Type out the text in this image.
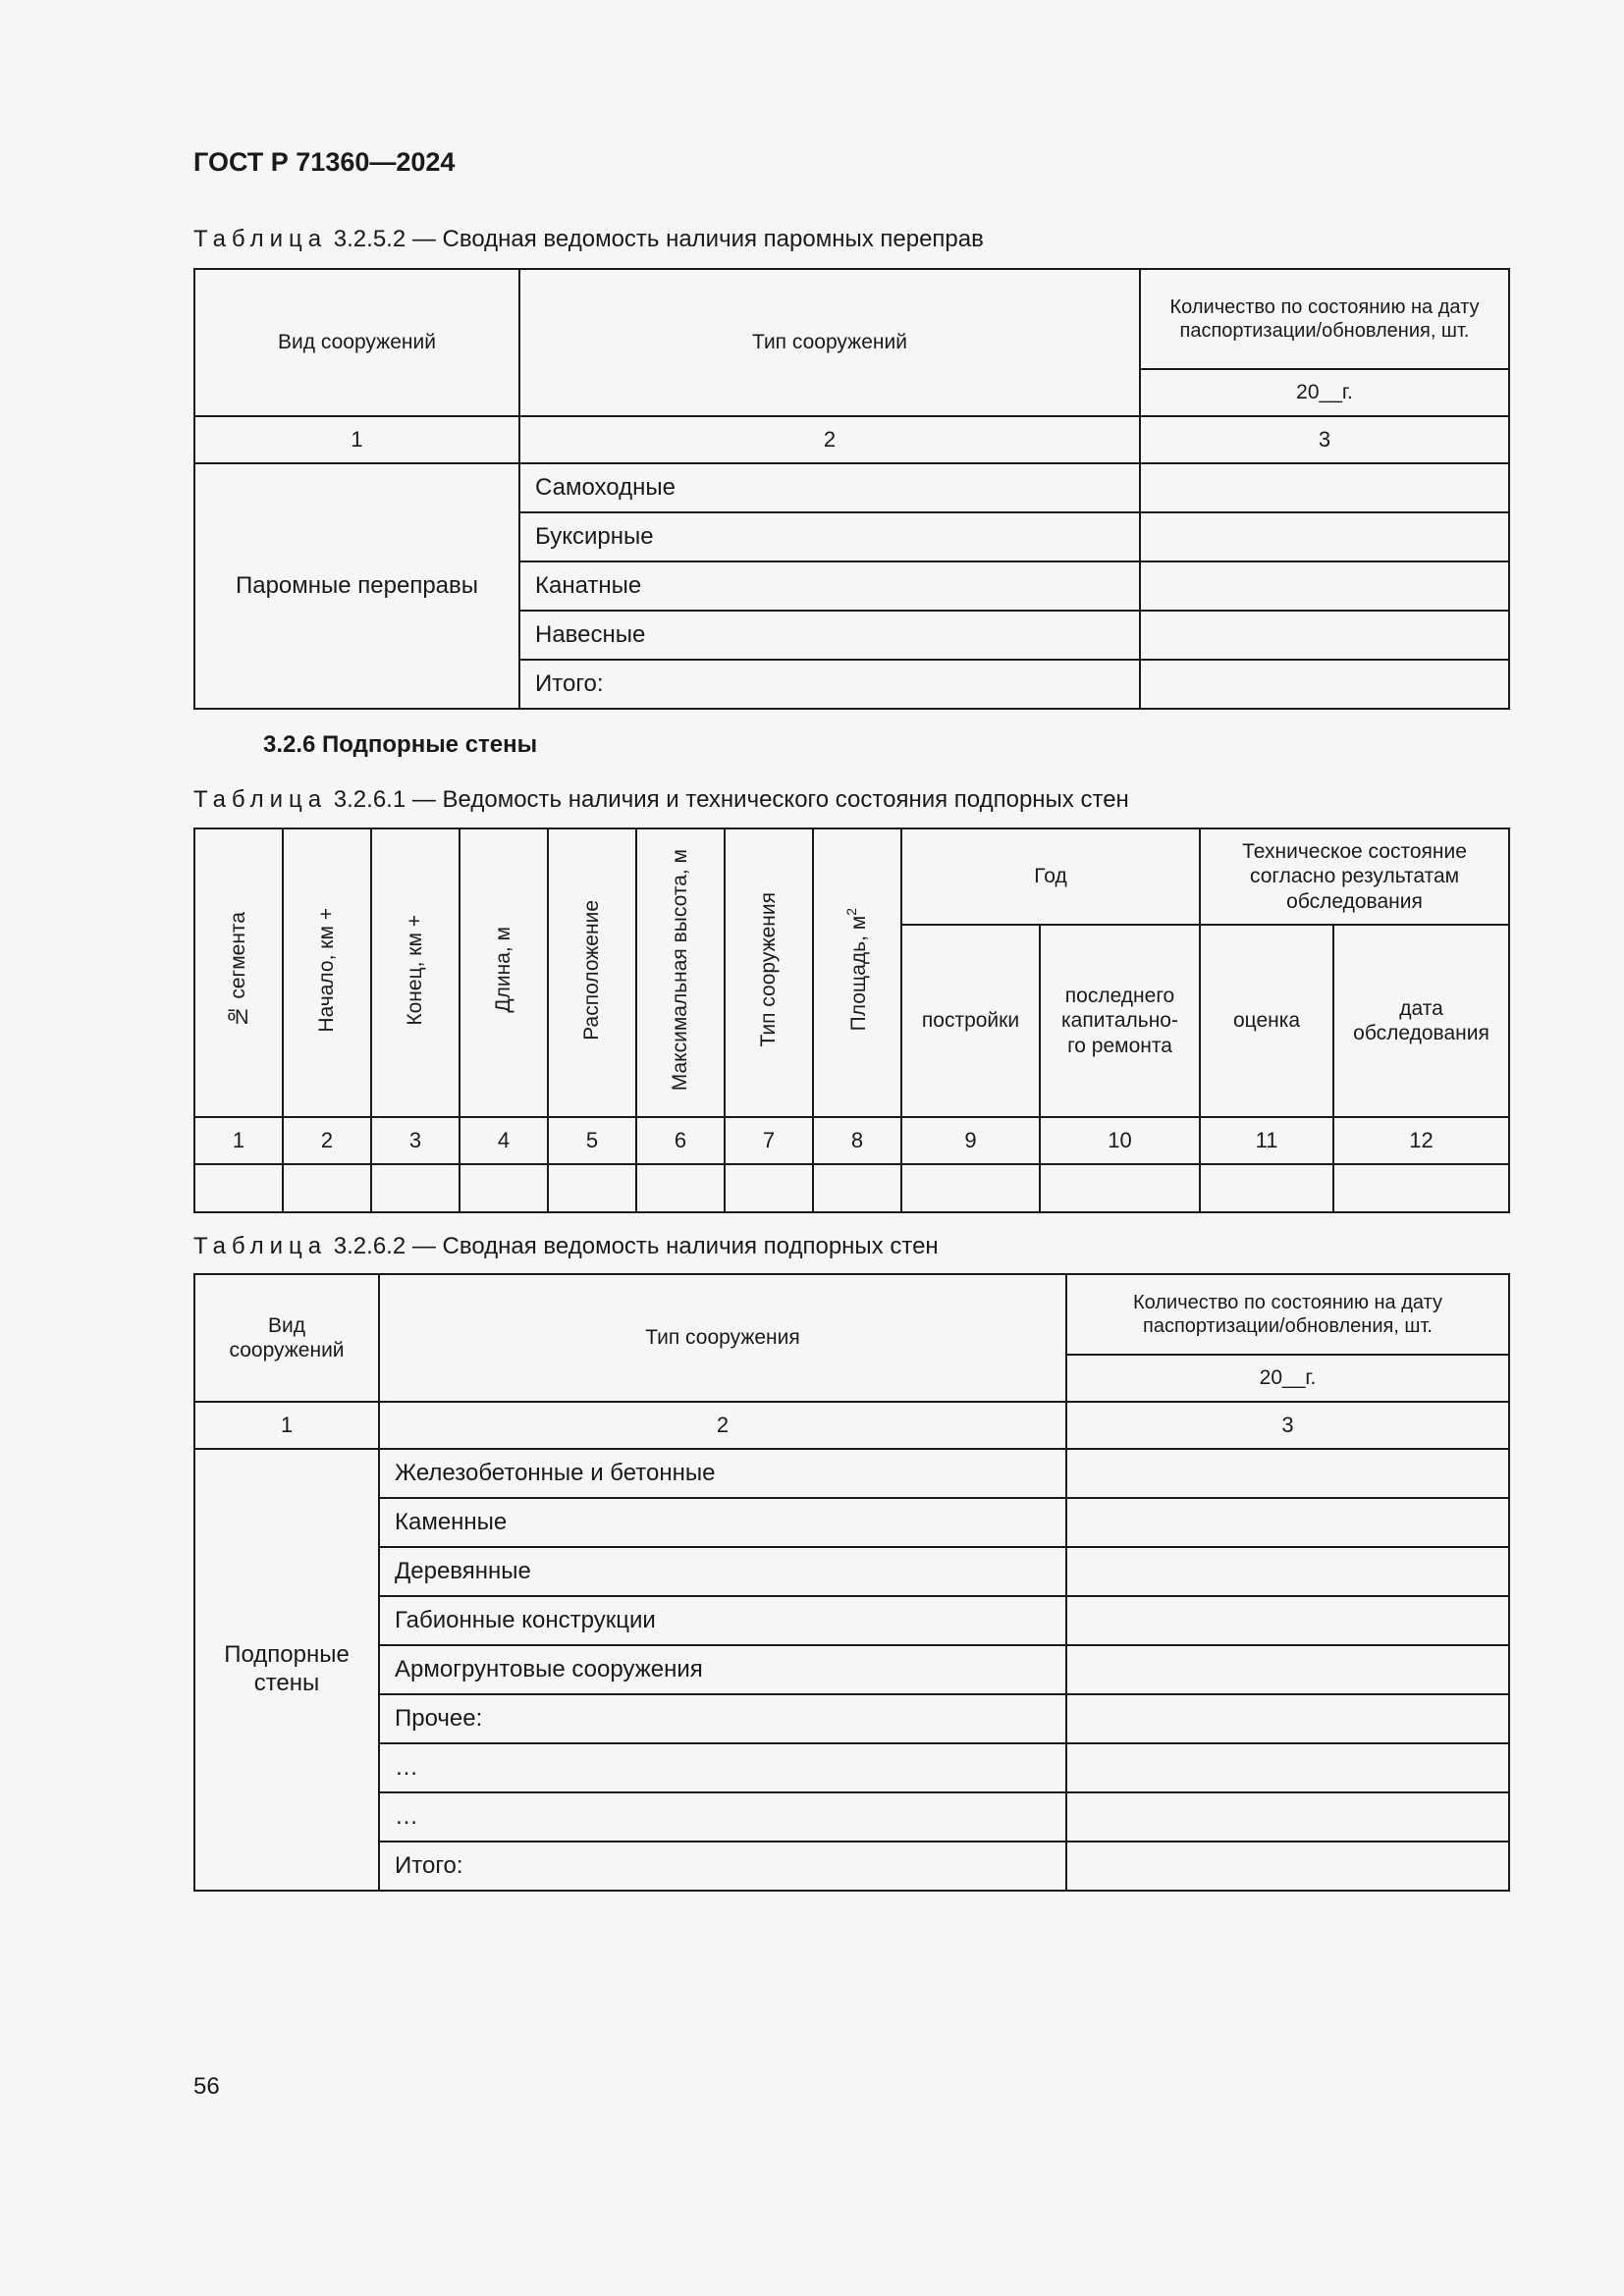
ГОСТ Р 71360—2024
Таблица 3.2.5.2 — Сводная ведомость наличия паромных переправ
Вид сооружений	Тип сооружений	Количество по состоянию на дату паспортизации/обновления, шт.
		20__г.
1	2	3
Паромные переправы	Самоходные	
	Буксирные	
	Канатные	
	Навесные	
	Итого:	
3.2.6 Подпорные стены
Таблица 3.2.6.1 — Ведомость наличия и технического состояния подпорных стен
№ сегмента	Начало, км +	Конец, км +	Длина, м	Расположение	Максимальная высота, м	Тип сооружения	Площадь, $м^2$	Год		Техническое состояние согласно результатам обследования	
								постройки	последнего капитально-го ремонта	оценка	дата обследования
1	2	3	4	5	6	7	8	9	10	11	12

Таблица 3.2.6.2 — Сводная ведомость наличия подпорных стен
Вид сооружений	Тип сооружения	Количество по состоянию на дату паспортизации/обновления, шт.
		20__г.
1	2	3
Подпорные стены	Железобетонные и бетонные	
	Каменные	
	Деревянные	
	Габионные конструкции	
	Армогрунтовые сооружения	
	Прочее:	
	…	
	…	
	Итого:	
56
